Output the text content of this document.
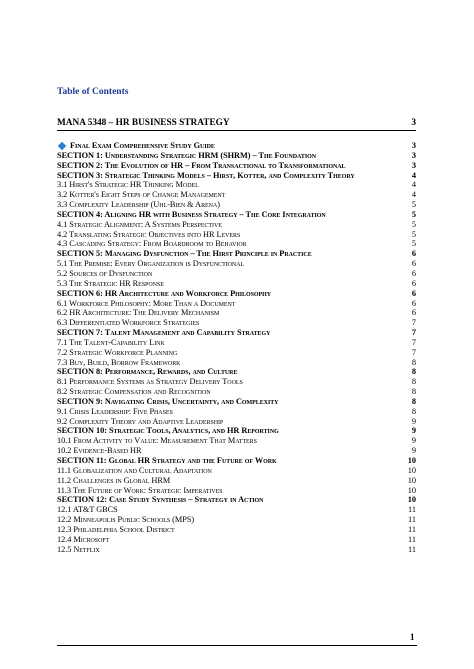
Table of Contents
MANA 5348 – HR BUSINESS STRATEGY	3
Final Exam Comprehensive Study Guide	3
SECTION 1: Understanding Strategic HRM (SHRM) – The Foundation	3
SECTION 2: The Evolution of HR – From Transactional to Transformational	3
SECTION 3: Strategic Thinking Models – Hirst, Kotter, and Complexity Theory	4
3.1 Hirst's Strategic HR Thinking Model	4
3.2 Kotter's Eight Steps of Change Management	4
3.3 Complexity Leadership (Uhl-Bien & Arena)	5
SECTION 4: Aligning HR with Business Strategy – The Core Integration	5
4.1 Strategic Alignment: A Systems Perspective	5
4.2 Translating Strategic Objectives into HR Levers	5
4.3 Cascading Strategy: From Boardroom to Behavior	5
SECTION 5: Managing Dysfunction – The Hirst Principle in Practice	6
5.1 The Premise: Every Organization is Dysfunctional	6
5.2 Sources of Dysfunction	6
5.3 The Strategic HR Response	6
SECTION 6: HR Architecture and Workforce Philosophy	6
6.1 Workforce Philosophy: More Than a Document	6
6.2 HR Architecture: The Delivery Mechanism	6
6.3 Differentiated Workforce Strategies	7
SECTION 7: Talent Management and Capability Strategy	7
7.1 The Talent-Capability Link	7
7.2 Strategic Workforce Planning	7
7.3 Buy, Build, Borrow Framework	8
SECTION 8: Performance, Rewards, and Culture	8
8.1 Performance Systems as Strategy Delivery Tools	8
8.2 Strategic Compensation and Recognition	8
SECTION 9: Navigating Crisis, Uncertainty, and Complexity	8
9.1 Crisis Leadership: Five Phases	8
9.2 Complexity Theory and Adaptive Leadership	9
SECTION 10: Strategic Tools, Analytics, and HR Reporting	9
10.1 From Activity to Value: Measurement That Matters	9
10.2 Evidence-Based HR	9
SECTION 11: Global HR Strategy and the Future of Work	10
11.1 Globalization and Cultural Adaptation	10
11.2 Challenges in Global HRM	10
11.3 The Future of Work: Strategic Imperatives	10
SECTION 12: Case Study Synthesis – Strategy in Action	10
12.1 AT&T GBCS	11
12.2 Minneapolis Public Schools (MPS)	11
12.3 Philadelphia School District	11
12.4 Microsoft	11
12.5 Netflix	11
1
